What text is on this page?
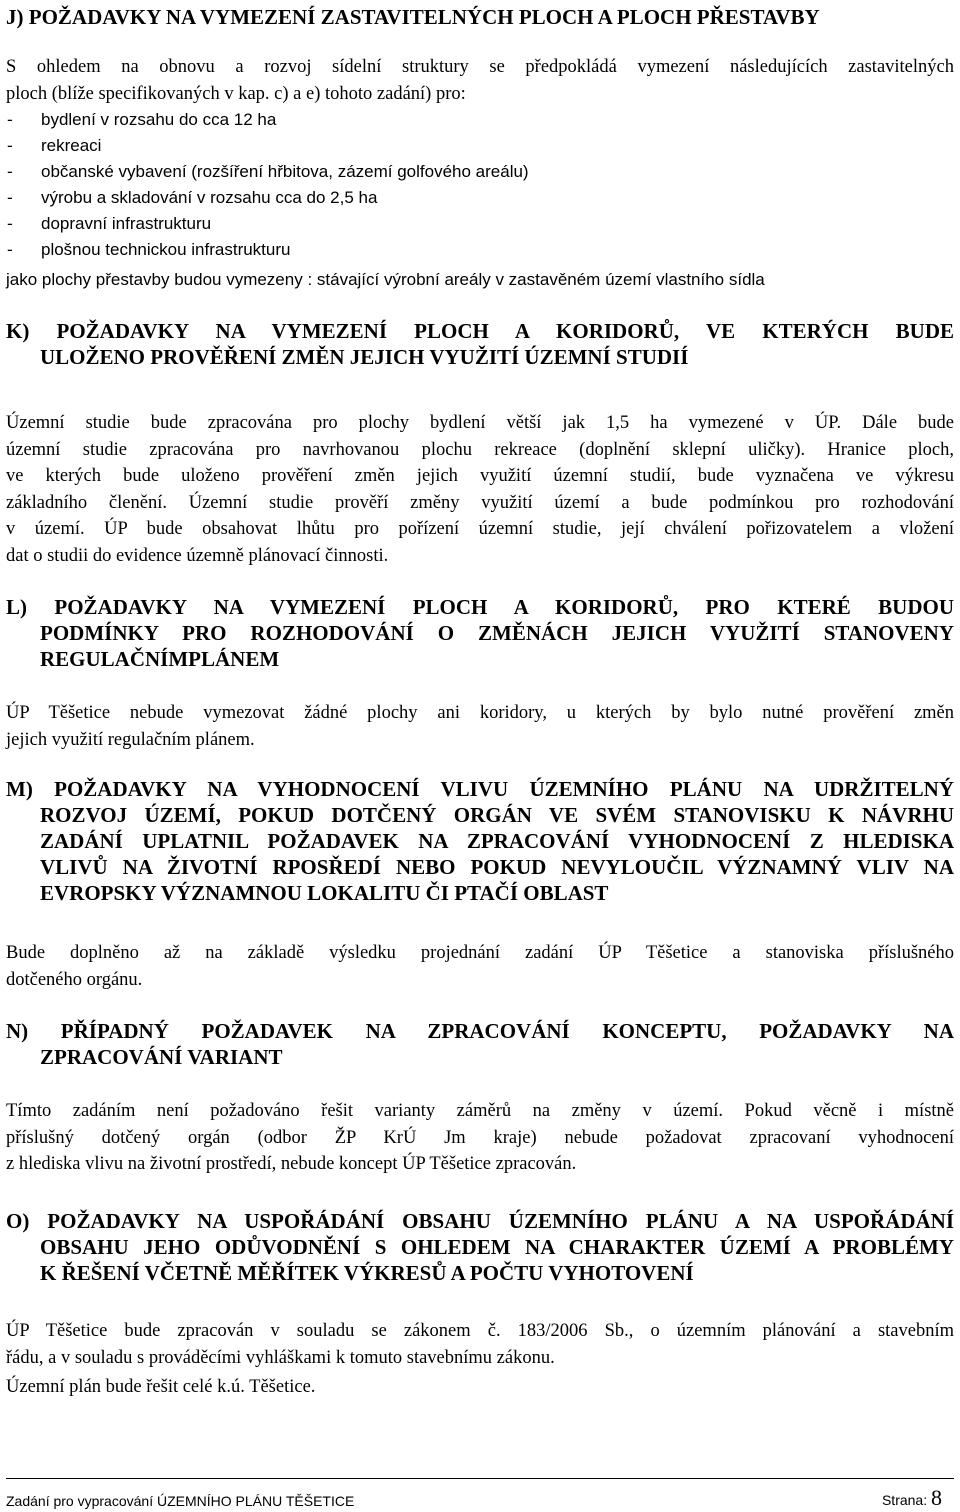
J) POŽADAVKY NA VYMEZENÍ ZASTAVITELNÝCH PLOCH A PLOCH PŘESTAVBY
S ohledem na obnovu a rozvoj sídelní struktury se předpokládá vymezení následujících zastavitelných
ploch (blíže specifikovaných v kap. c) a e) tohoto zadání) pro:
-	bydlení v rozsahu do cca 12 ha
-	rekreaci
-	občanské vybavení (rozšíření hřbitova, zázemí golfového areálu)
-	výrobu a skladování v rozsahu cca do 2,5 ha
-	dopravní infrastrukturu
-	plošnou technickou infrastrukturu
jako plochy přestavby budou vymezeny : stávající výrobní areály v zastavěném území vlastního sídla
K) POŽADAVKY NA VYMEZENÍ PLOCH A KORIDORŮ, VE KTERÝCH BUDE
ULOŽENO PROVĚŘENÍ ZMĚN JEJICH VYUŽITÍ ÚZEMNÍ STUDIÍ
Územní studie bude zpracována pro plochy bydlení větší jak 1,5 ha vymezené v ÚP. Dále bude
územní studie zpracována pro navrhovanou plochu rekreace (doplnění sklepní uličky). Hranice ploch,
ve kterých bude uloženo prověření změn jejich využití územní studií, bude vyznačena ve výkresu
základního členění. Územní studie prověří změny využití území a bude podmínkou pro rozhodování
v území. ÚP bude obsahovat lhůtu pro pořízení územní studie, její chválení pořizovatelem a vložení
dat o studii do evidence územně plánovací činnosti.
L) POŽADAVKY NA VYMEZENÍ PLOCH A KORIDORŮ, PRO KTERÉ BUDOU
PODMÍNKY PRO ROZHODOVÁNÍ O ZMĚNÁCH JEJICH VYUŽITÍ STANOVENY
REGULAČNÍMPLÁNEM
ÚP Těšetice nebude vymezovat žádné plochy ani koridory, u kterých by bylo nutné prověření změn
jejich využití regulačním plánem.
M) POŽADAVKY NA VYHODNOCENÍ VLIVU ÚZEMNÍHO PLÁNU NA UDRŽITELNÝ
ROZVOJ ÚZEMÍ, POKUD DOTČENÝ ORGÁN VE SVÉM STANOVISKU K NÁVRHU
ZADÁNÍ UPLATNIL POŽADAVEK NA ZPRACOVÁNÍ VYHODNOCENÍ Z HLEDISKA
VLIVŮ NA ŽIVOTNÍ RPOSŘEDÍ NEBO POKUD NEVYLOUČIL VÝZNAMNÝ VLIV NA
EVROPSKY VÝZNAMNOU LOKALITU ČI PTAČÍ OBLAST
Bude doplněno až na základě výsledku projednání zadání ÚP Těšetice a stanoviska příslušného
dotčeného orgánu.
N) PŘÍPADNÝ POŽADAVEK NA ZPRACOVÁNÍ KONCEPTU, POŽADAVKY NA
ZPRACOVÁNÍ VARIANT
Tímto zadáním není požadováno řešit varianty záměrů na změny v území. Pokud věcně i místně
příslušný dotčený orgán (odbor ŽP KrÚ Jm kraje) nebude požadovat zpracovaní vyhodnocení
z hlediska vlivu na životní prostředí, nebude koncept ÚP Těšetice zpracován.
O) POŽADAVKY NA USPOŘÁDÁNÍ OBSAHU ÚZEMNÍHO PLÁNU A NA USPOŘÁDÁNÍ
OBSAHU JEHO ODŮVODNĚNÍ S OHLEDEM NA CHARAKTER ÚZEMÍ A PROBLÉMY
K ŘEŠENÍ VČETNĚ MĚŘÍTEK VÝKRESŮ A POČTU VYHOTOVENÍ
ÚP Těšetice bude zpracován v souladu se zákonem č. 183/2006 Sb., o územním plánování a stavebním
řádu, a v souladu s prováděcími vyhláškami k tomuto stavebnímu zákonu.
Územní plán bude řešit celé k.ú. Těšetice.
Zadání pro vypracování ÚZEMNÍHO PLÁNU TĚŠETICE	Strana: 8
